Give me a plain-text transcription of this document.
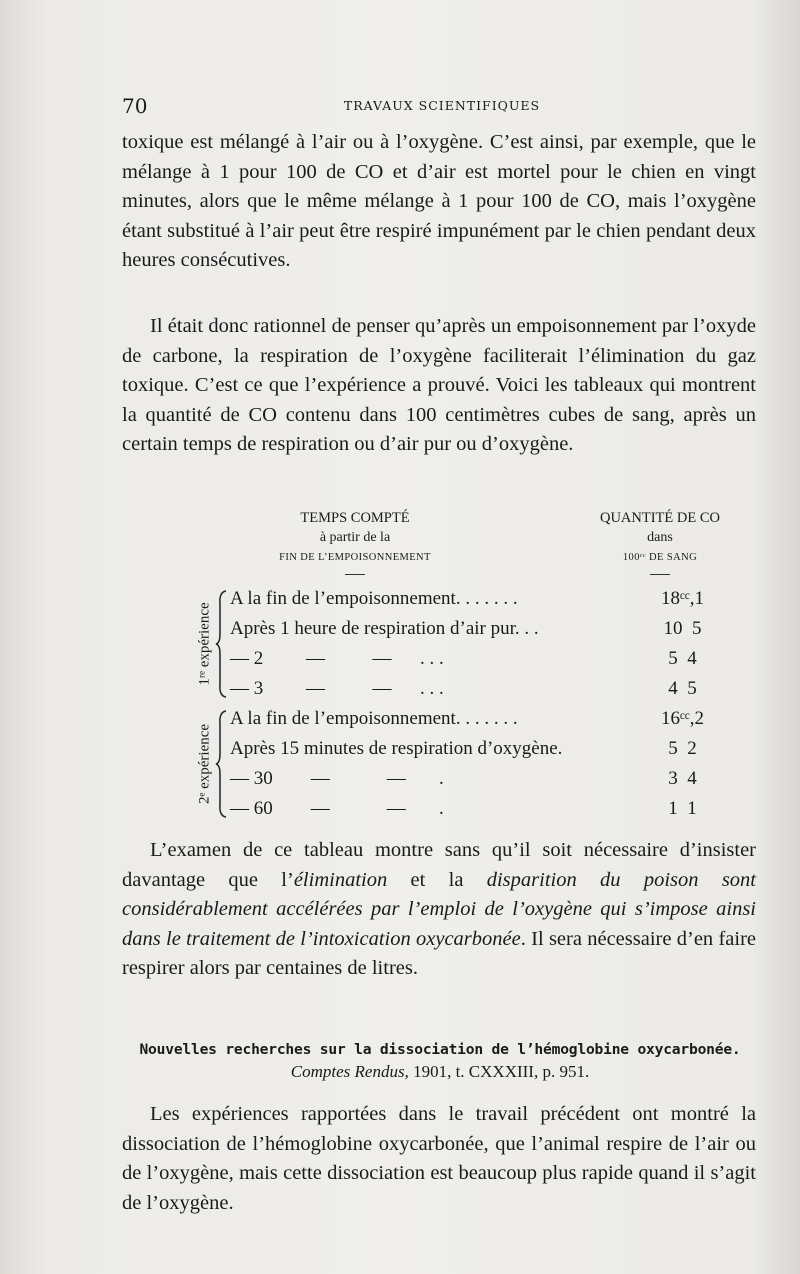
70	TRAVAUX SCIENTIFIQUES

toxique est mélangé à l’air ou à l’oxygène. C’est ainsi, par exemple, que le mélange à 1 pour 100 de CO et d’air est mortel pour le chien en vingt minutes, alors que le même mélange à 1 pour 100 de CO, mais l’oxygène étant substitué à l’air peut être respiré impunément par le chien pendant deux heures consécutives.

Il était donc rationnel de penser qu’après un empoisonnement par l’oxyde de carbone, la respiration de l’oxygène faciliterait l’élimination du gaz toxique. C’est ce que l’expérience a prouvé. Voici les tableaux qui montrent la quantité de CO contenu dans 100 centimètres cubes de sang, après un certain temps de respiration ou d’air pur ou d’oxygène.

TEMPS COMPTÉ
à partir de la
FIN DE L’EMPOISONNEMENT
QUANTITÉ DE CO
dans
100ᶜᶜ DE SANG
1ʳᵉ expérience
A la fin de l’empoisonnement. . . . . . .	18ᶜᶜ,1
Après 1 heure de respiration d’air pur. . .	10  5
— 2         —          —      . . .	5  4
— 3         —          —      . . .	4  5
2ᵉ expérience
A la fin de l’empoisonnement. . . . . . .	16ᶜᶜ,2
Après 15 minutes de respiration d’oxygène.	5  2
— 30        —            —       .	3  4
— 60        —            —       .	1  1

L’examen de ce tableau montre sans qu’il soit nécessaire d’insister davantage que l’élimination et la disparition du poison sont considérablement accélérées par l’emploi de l’oxygène qui s’impose ainsi dans le traitement de l’intoxication oxycarbonée. Il sera nécessaire d’en faire respirer alors par centaines de litres.

Nouvelles recherches sur la dissociation de l’hémoglobine oxycarbonée.
Comptes Rendus, 1901, t. CXXXIII, p. 951.

Les expériences rapportées dans le travail précédent ont montré la dissociation de l’hémoglobine oxycarbonée, que l’animal respire de l’air ou de l’oxygène, mais cette dissociation est beaucoup plus rapide quand il s’agit de l’oxygène.
